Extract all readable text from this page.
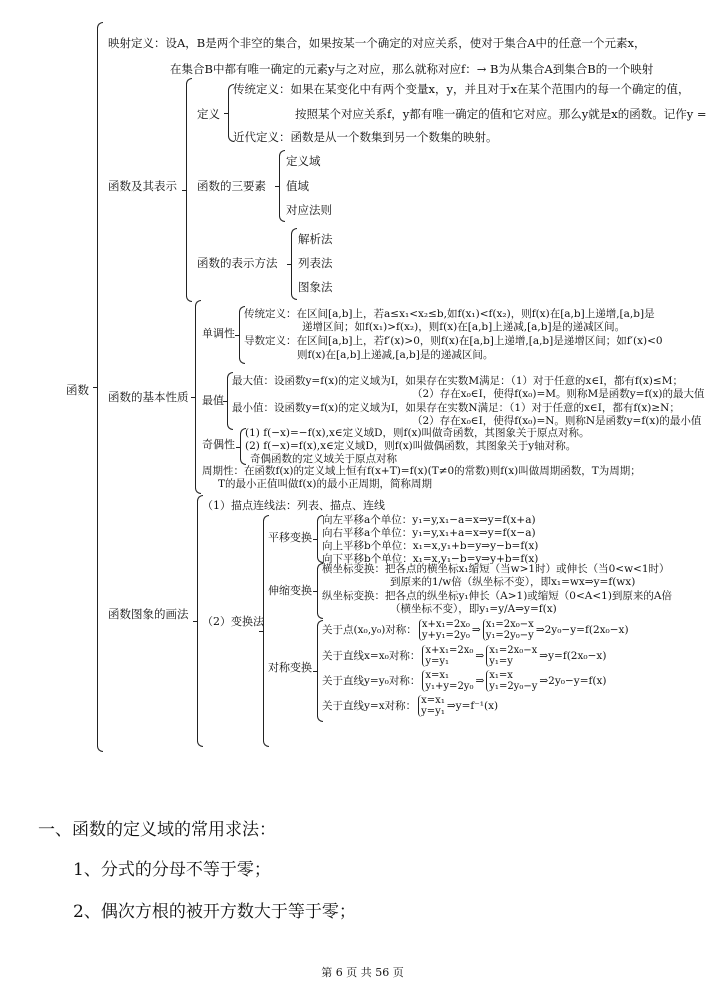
函数
映射定义：设A，B是两个非空的集合，如果按某一个确定的对应关系，使对于集合A中的任意一个元素x，
在集合B中都有唯一确定的元素y与之对应，那么就称对应f：→ B为从集合A到集合B的一个映射
函数及其表示
定义
传统定义：如果在某变化中有两个变量x，y，并且对于x在某个范围内的每一个确定的值，
按照某个对应关系f，y都有唯一确定的值和它对应。那么y就是x的函数。记作y =
近代定义：函数是从一个数集到另一个数集的映射。
函数的三要素
定义域
值域
对应法则
函数的表示方法
解析法
列表法
图象法
函数的基本性质
单调性
传统定义：在区间[a,b]上，若a≤x₁<x₂≤b,如f(x₁)<f(x₂)，则f(x)在[a,b]上递增,[a,b]是
递增区间；如f(x₁)>f(x₂)，则f(x)在[a,b]上递减,[a,b]是的递减区间。
导数定义：在区间[a,b]上，若f′(x)>0，则f(x)在[a,b]上递增,[a,b]是递增区间；如f′(x)<0
则f(x)在[a,b]上递减,[a,b]是的递减区间。
最值
最大值：设函数y=f(x)的定义域为I，如果存在实数M满足：（1）对于任意的x∈I，都有f(x)≤M；
（2）存在x₀∈I，使得f(x₀)=M。则称M是函数y=f(x)的最大值
最小值：设函数y=f(x)的定义域为I，如果存在实数N满足：（1）对于任意的x∈I，都有f(x)≥N；
（2）存在x₀∈I，使得f(x₀)=N。则称N是函数y=f(x)的最小值
奇偶性
(1) f(−x)=−f(x),x∈定义域D，则f(x)叫做奇函数，其图象关于原点对称。
(2) f(−x)=f(x),x∈定义域D，则f(x)叫做偶函数，其图象关于y轴对称。
奇偶函数的定义域关于原点对称
周期性：在函数f(x)的定义域上恒有f(x+T)=f(x)(T≠0的常数)则f(x)叫做周期函数，T为周期；
T的最小正值叫做f(x)的最小正周期，简称周期
函数图象的画法
（1）描点连线法：列表、描点、连线
（2）变换法
平移变换
向左平移a个单位：y₁=y,x₁−a=x⇒y=f(x+a)
向右平移a个单位：y₁=y,x₁+a=x⇒y=f(x−a)
向上平移b个单位：x₁=x,y₁+b=y⇒y−b=f(x)
向下平移b个单位：x₁=x,y₁−b=y⇒y+b=f(x)
伸缩变换
横坐标变换：把各点的横坐标x₁缩短（当w>1时）或伸长（当0<w<1时）
到原来的1/w倍（纵坐标不变），即x₁=wx⇒y=f(wx)
纵坐标变换：把各点的纵坐标y₁伸长（A>1)或缩短（0<A<1)到原来的A倍
（横坐标不变），即y₁=y/A⇒y=f(x)
对称变换
关于点(x₀,y₀)对称： x+x₁=2x₀
y+y₁=2y₀ ⇒ x₁=2x₀−x
y₁=2y₀−y ⇒2y₀−y=f(2x₀−x)
关于直线x=x₀对称： x+x₁=2x₀
y=y₁	⇒ x₁=2x₀−x
y₁=y	⇒y=f(2x₀−x)
关于直线y=y₀对称： x=x₁
y₁+y=2y₀ ⇒ x₁=x
y₁=2y₀−y ⇒2y₀−y=f(x)
关于直线y=x对称： x=x₁
y=y₁ ⇒y=f⁻¹(x)
一、函数的定义域的常用求法：
1、分式的分母不等于零；
2、偶次方根的被开方数大于等于零；
第 6 页 共 56 页
